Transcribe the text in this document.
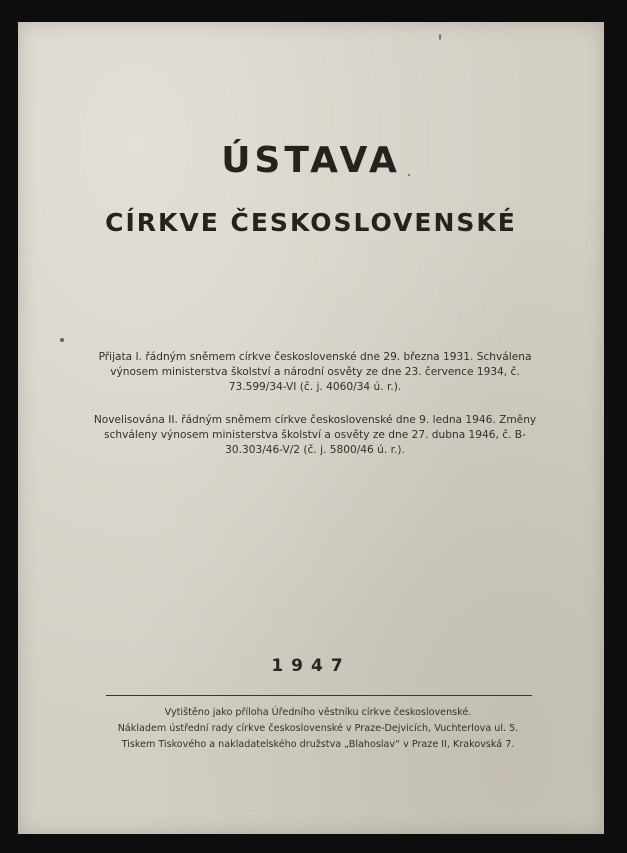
ÚSTAVA
CÍRKVE ČESKOSLOVENSKÉ
Přijata I. řádným sněmem církve československé dne 29. března 1931. Schválena výnosem ministerstva školství a národní osvěty ze dne 23. července 1934, č. 73.599/34-VI (č. j. 4060/34 ú. r.).
Novelisována II. řádným sněmem církve československé dne 9. ledna 1946. Změny schváleny výnosem ministerstva školství a osvěty ze dne 27. dubna 1946, č. B-30.303/46-V/2 (č. j. 5800/46 ú. r.).
1947
Vytištěno jako příloha Úředního věstníku církve československé.
Nákladem ústřední rady církve československé v Praze-Dejvicích, Vuchterlova ul. 5.
Tiskem Tiskového a nakladatelského družstva „Blahoslav“ v Praze II, Krakovská 7.
